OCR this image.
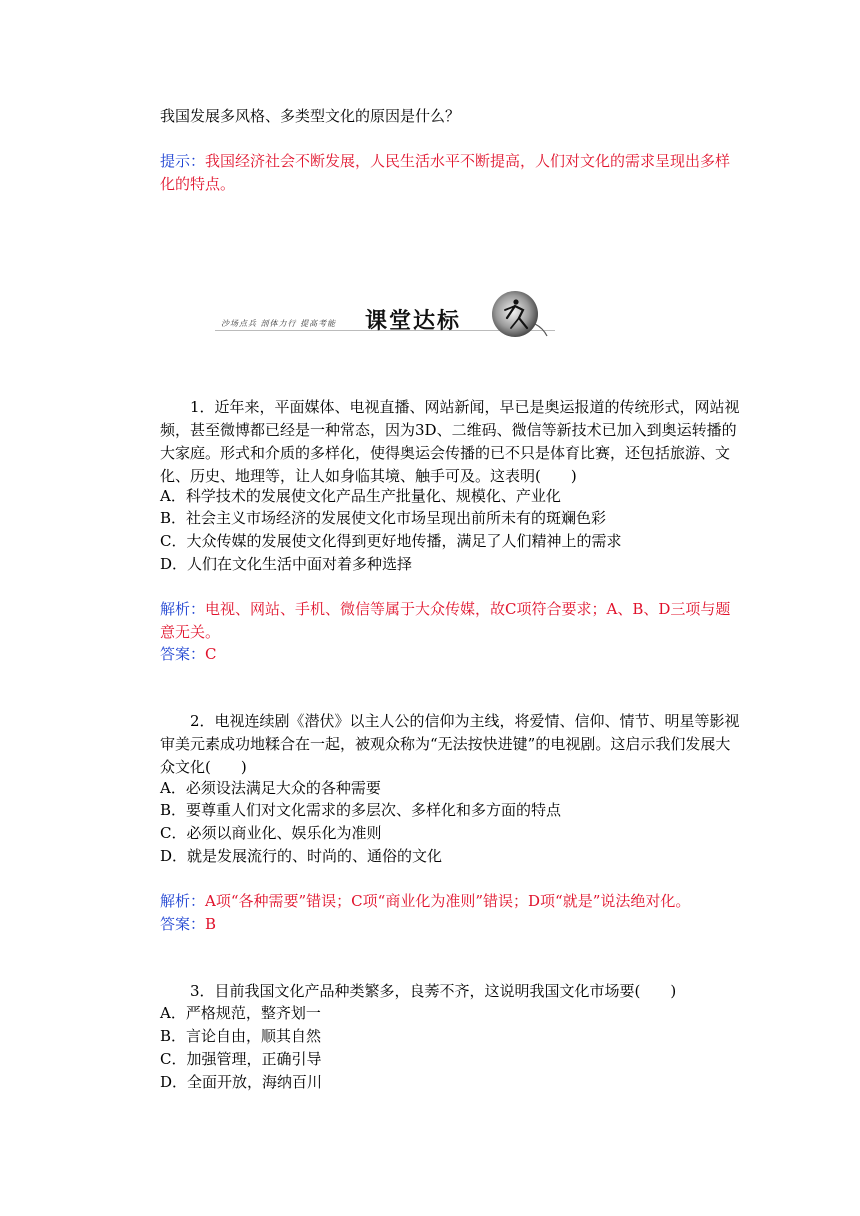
我国发展多风格、多类型文化的原因是什么？
提示：我国经济社会不断发展，人民生活水平不断提高，人们对文化的需求呈现出多样化的特点。
沙场点兵 剖体力行 提高考能 课堂达标
1．近年来，平面媒体、电视直播、网站新闻，早已是奥运报道的传统形式，网站视频，甚至微博都已经是一种常态，因为3D、二维码、微信等新技术已加入到奥运转播的大家庭。形式和介质的多样化，使得奥运会传播的已不只是体育比赛，还包括旅游、文化、历史、地理等，让人如身临其境、触手可及。这表明(　　)
A．科学技术的发展使文化产品生产批量化、规模化、产业化
B．社会主义市场经济的发展使文化市场呈现出前所未有的斑斓色彩
C．大众传媒的发展使文化得到更好地传播，满足了人们精神上的需求
D．人们在文化生活中面对着多种选择
解析：电视、网站、手机、微信等属于大众传媒，故C项符合要求；A、B、D三项与题意无关。
答案：C
2．电视连续剧《潜伏》以主人公的信仰为主线，将爱情、信仰、情节、明星等影视审美元素成功地糅合在一起，被观众称为“无法按快进键”的电视剧。这启示我们发展大众文化(　　)
A．必须设法满足大众的各种需要
B．要尊重人们对文化需求的多层次、多样化和多方面的特点
C．必须以商业化、娱乐化为准则
D．就是发展流行的、时尚的、通俗的文化
解析：A项“各种需要”错误；C项“商业化为准则”错误；D项“就是”说法绝对化。
答案：B
3．目前我国文化产品种类繁多，良莠不齐，这说明我国文化市场要(　　)
A．严格规范，整齐划一
B．言论自由，顺其自然
C．加强管理，正确引导
D．全面开放，海纳百川
